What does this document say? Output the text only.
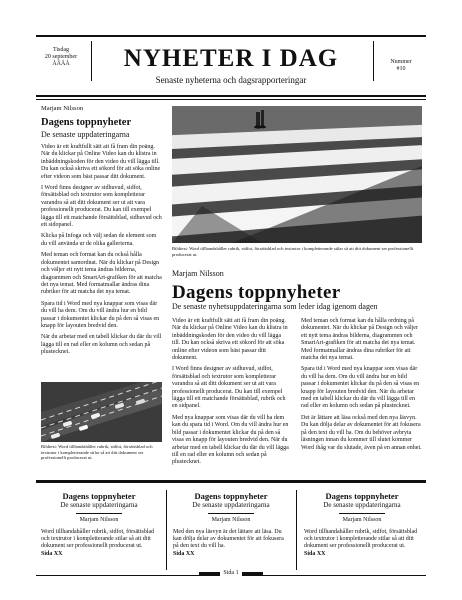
Tisdag
20 september
ÅÅÅÅ	NYHETER I DAG
Senaste nyheterna och dagsrapporteringar
Nummer
#10
Marjam Nilsson
Dagens toppnyheter
De senaste uppdateringarna

Video är ett kraftfullt sätt att få fram din poäng. När du klickar på Online Video kan du klistra in inbäddningskoden för den video du vill lägga till. Du kan också skriva ett sökord för att söka online efter videon som bäst passar ditt dokument.

I Word finns designer av sidhuvud, sidfot, försättsblad och textrutor som kompletterar varandra så att ditt dokument ser ut att vara professionellt producerat. Du kan till exempel lägga till ett matchande försättsblad, sidhuvud och ett sidopanel.

Klicka på Infoga och välj sedan de element som du vill använda ur de olika gallerierna.

Med teman och format kan du också hålla dokumentet samordnat. När du klickar på Design och väljer ett nytt tema ändras bilderna, diagrammen och SmartArt-grafiken för att matcha det nya temat. Med formatmallar ändras dina rubriker för att matcha det nya temat.

Spara tid i Word med nya knappar som visas där du vill ha dem. Om du vill ändra hur en bild passar i dokumentet klickar du på den så visas en knapp för layouten bredvid den.

När du arbetar med en tabell klickar du där du vill lägga till en rad eller en kolumn och sedan på plustecknet.

Bildtext: Word tillhandahåller rubrik, sidfot, försättsblad och textrutor i kompletterande stilar så att ditt dokument ser professionellt producerat ut.
Bildtext: Word tillhandahåller rubrik, sidfot, försättsblad och textrutor i kompletterande stilar så att ditt dokument ser professionellt producerat ut.
Marjam Nilsson
Dagens toppnyheter
De senaste nyhetsuppdateringarna som leder idag igenom dagen

Video är ett kraftfullt sätt att få fram din poäng. När du klickar på Online Video kan du klistra in inbäddningskoden för den video du vill lägga till. Du kan också skriva ett sökord för att söka online efter videon som bäst passar ditt dokument.

I Word finns designer av sidhuvud, sidfot, försättsblad och textrutor som kompletterar varandra så att ditt dokument ser ut att vara professionellt producerat. Du kan till exempel lägga till ett matchande försättsblad, rubrik och en sidpanel.

Med nya knappar som visas där du vill ha dem kan du spara tid i Word. Om du vill ändra hur en bild passar i dokumentet klickar du på den så visas en knapp för layouten bredvid den. När du arbetar med en tabell klickar du där du vill lägga till en rad eller en kolumn och sedan på plustecknet.

Med teman och format kan du hålla ordning på dokumentet. När du klickar på Design och väljer ett nytt tema ändras bilderna, diagrammen och SmartArt-grafiken för att matcha det nya temat. Med formatmallar ändras dina rubriker för att matcha det nya temat.

Spara tid i Word med nya knappar som visas där du vill ha dem. Om du vill ändra hur en bild passar i dokumentet klickar du på den så visas en knapp för layouten bredvid den. När du arbetar med en tabell klickar du där du vill lägga till en rad eller en kolumn och sedan på plustecknet.

Det är lättare att läsa också med den nya läsvyn. Du kan dölja delar av dokumentet för att fokusera på den text du vill ha. Om du behöver avbryta läsningen innan du kommer till slutet kommer Word ihåg var du slutade, även på en annan enhet.

Dagens toppnyheter
De senaste uppdateringarna
Marjam Nilsson
Word tillhandahåller rubrik, sidfot, försättsblad och textrutor i kompletterande stilar så att ditt dokument ser professionellt producerat ut.
Sida XX
Dagens toppnyheter
De senaste uppdateringarna
Marjam Nilsson
Med den nya läsvyn är det lättare att läsa. Du kan dölja delar av dokumentet för att fokusera på den text du vill ha.
Sida XX
Dagens toppnyheter
De senaste uppdateringarna
Marjam Nilsson
Word tillhandahåller rubrik, sidfot, försättsblad och textrutor i kompletterande stilar så att ditt dokument ser professionellt producerat ut.
Sida XX
Sida 1
